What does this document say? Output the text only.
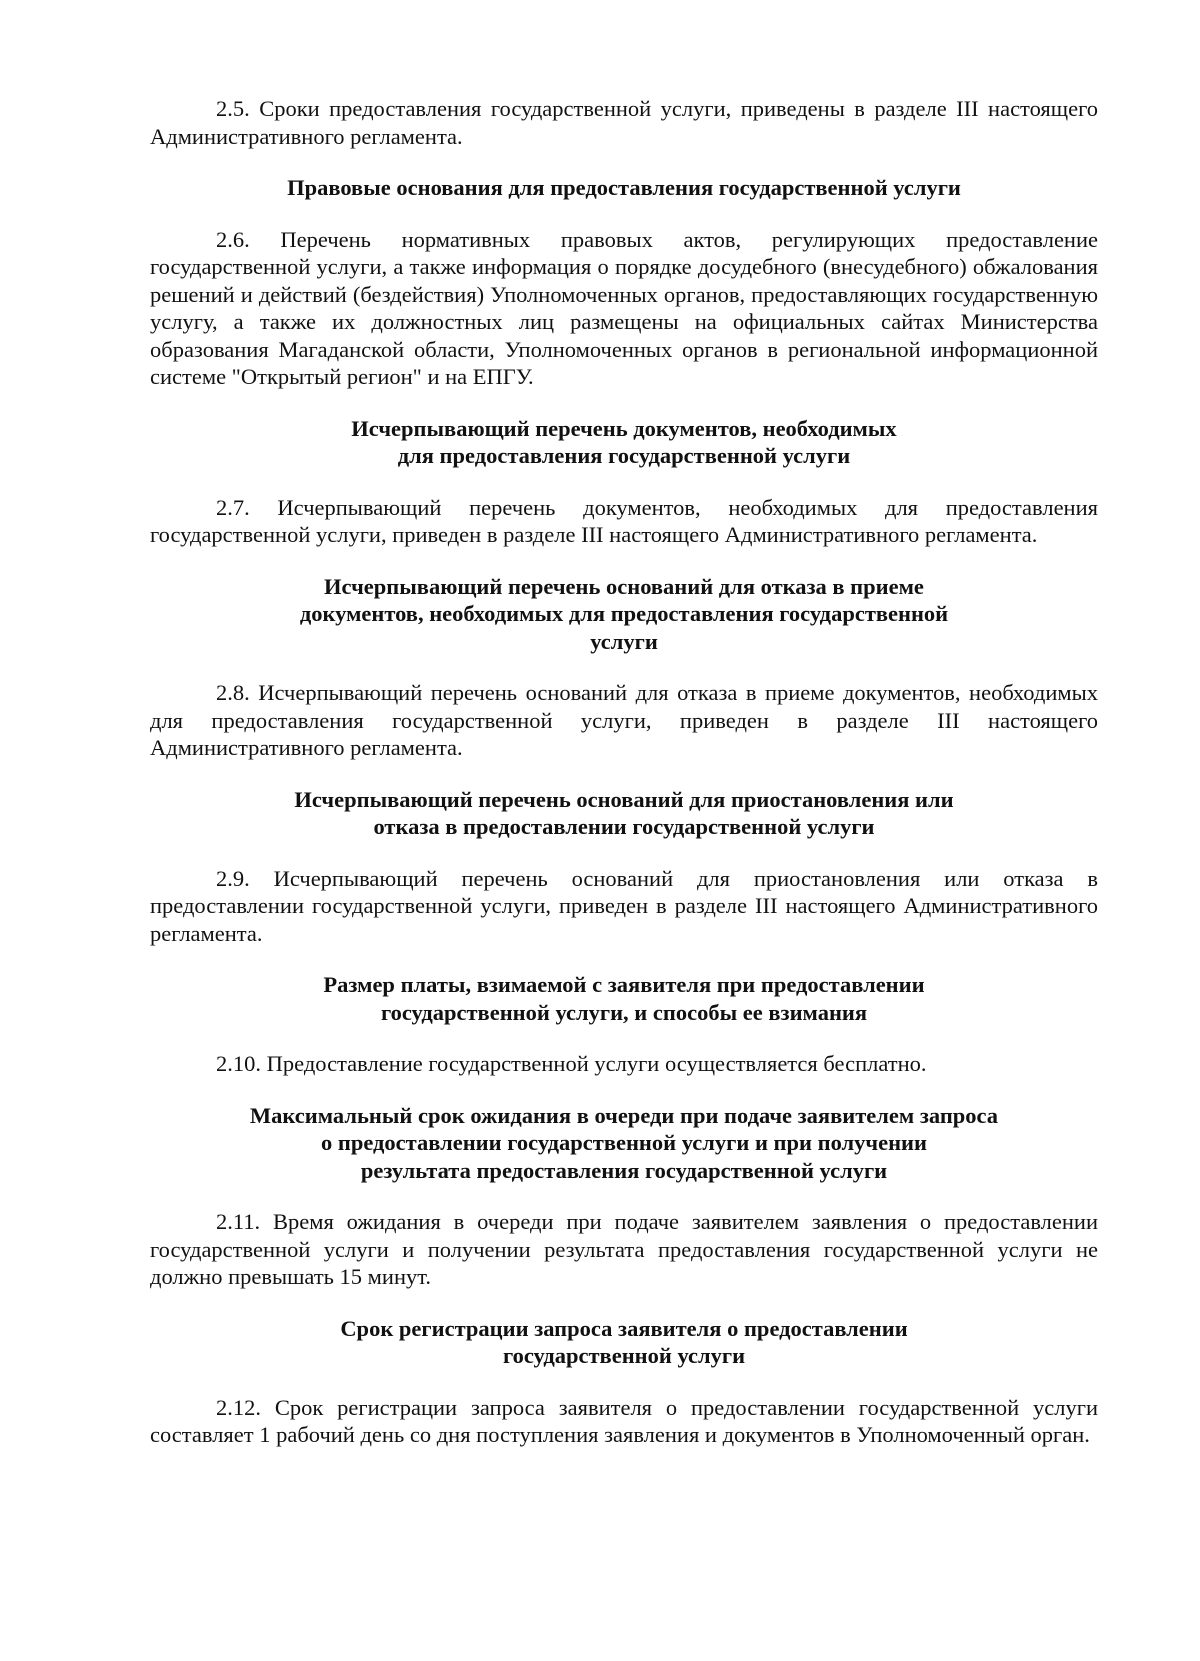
2.5. Сроки предоставления государственной услуги, приведены в разделе III настоящего Административного регламента.

Правовые основания для предоставления государственной услуги

2.6. Перечень нормативных правовых актов, регулирующих предоставление государственной услуги, а также информация о порядке досудебного (внесудебного) обжалования решений и действий (бездействия) Уполномоченных органов, предоставляющих государственную услугу, а также их должностных лиц размещены на официальных сайтах Министерства образования Магаданской области, Уполномоченных органов в региональной информационной системе "Открытый регион" и на ЕПГУ.

Исчерпывающий перечень документов, необходимых
для предоставления государственной услуги

2.7. Исчерпывающий перечень документов, необходимых для предоставления государственной услуги, приведен в разделе III настоящего Административного регламента.

Исчерпывающий перечень оснований для отказа в приеме
документов, необходимых для предоставления государственной
услуги

2.8. Исчерпывающий перечень оснований для отказа в приеме документов, необходимых для предоставления государственной услуги, приведен в разделе III настоящего Административного регламента.

Исчерпывающий перечень оснований для приостановления или
отказа в предоставлении государственной услуги

2.9. Исчерпывающий перечень оснований для приостановления или отказа в предоставлении государственной услуги, приведен в разделе III настоящего Административного регламента.

Размер платы, взимаемой с заявителя при предоставлении
государственной услуги, и способы ее взимания

2.10. Предоставление государственной услуги осуществляется бесплатно.

Максимальный срок ожидания в очереди при подаче заявителем запроса
о предоставлении государственной услуги и при получении
результата предоставления государственной услуги

2.11. Время ожидания в очереди при подаче заявителем заявления о предоставлении государственной услуги и получении результата предоставления государственной услуги не должно превышать 15 минут.

Срок регистрации запроса заявителя о предоставлении
государственной услуги

2.12. Срок регистрации запроса заявителя о предоставлении государственной услуги составляет 1 рабочий день со дня поступления заявления и документов в Уполномоченный орган.
